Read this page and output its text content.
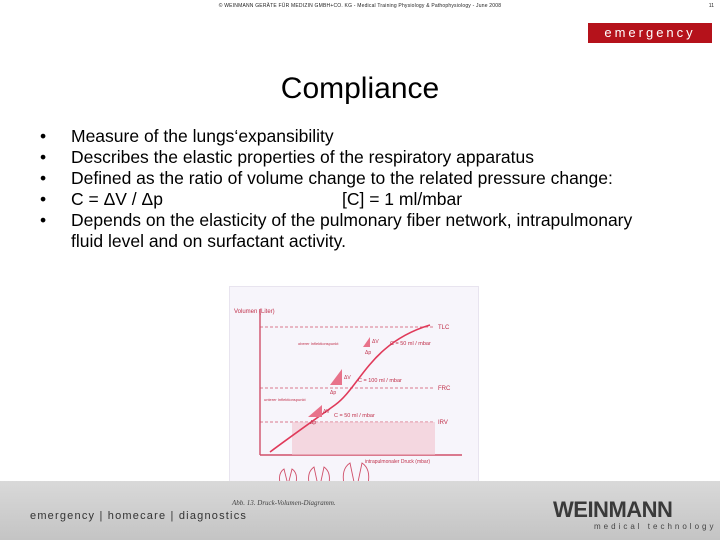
© WEINMANN GERÄTE FÜR MEDIZIN GMBH+CO. KG - Medical Training Physiology & Pathophysiology - June 2008	11
emergency
Compliance
• Measure of the lungs‘expansibility
• Describes the elastic properties of the respiratory apparatus
• Defined as the ratio of volume change to the related pressure change:
• C = ΔV / Δp	[C] = 1 ml/mbar
• Depends on the elasticity of the pulmonary fiber network, intrapulmonary fluid level and on surfactant activity.
Volumen (Liter)
TLC
FRC
IRV
oberer Inflektionspunkt
unterer Inflektionspunkt
ΔV
Δp
C = 50 ml / mbar
ΔV
Δp
C = 100 ml / mbar
ΔV
Δp
C = 50 ml / mbar
intrapulmonaler Druck (mbar)
emergency | homecare | diagnostics	WEINMANN
medical technology
Abb. 13. Druck-Volumen-Diagramm.
